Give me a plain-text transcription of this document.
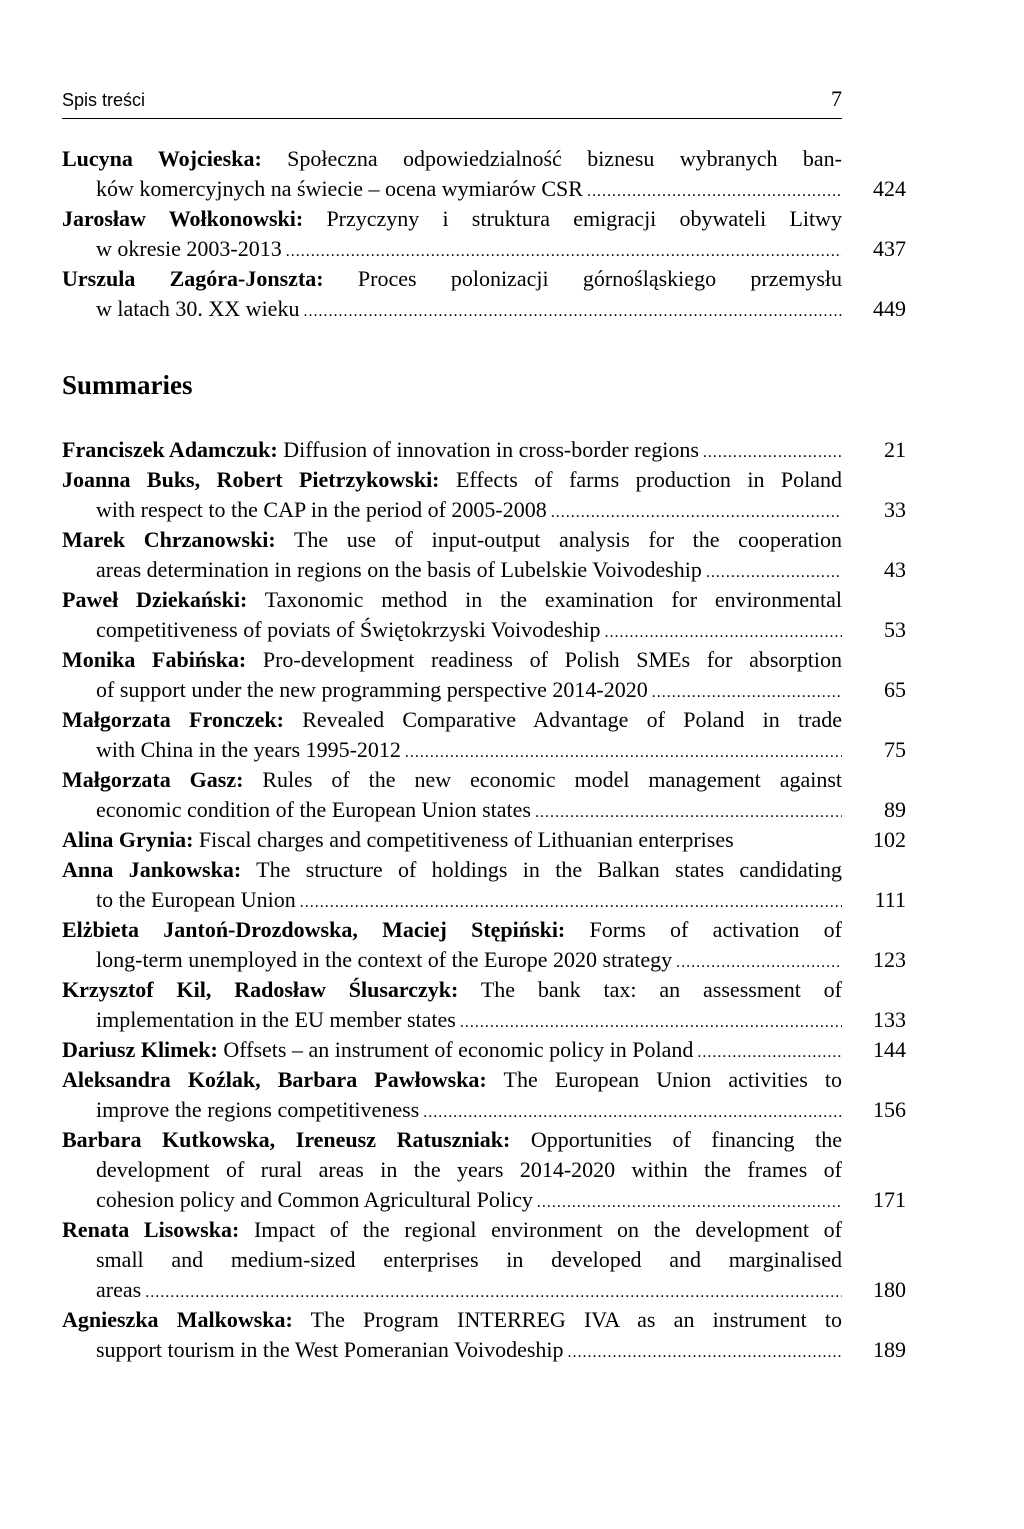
Spis treści	7
Lucyna Wojcieska: Społeczna odpowiedzialność biznesu wybranych ban-
ków komercyjnych na świecie – ocena wymiarów CSR .....	424
Jarosław Wołkonowski: Przyczyny i struktura emigracji obywateli Litwy
w okresie 2003-2013 .....	437
Urszula Zagóra-Jonszta: Proces polonizacji górnośląskiego przemysłu
w latach 30. XX wieku .....	449
Summaries
Franciszek Adamczuk: Diffusion of innovation in cross-border regions .....	21
Joanna Buks, Robert Pietrzykowski: Effects of farms production in Poland
with respect to the CAP in the period of 2005-2008 .....	33
Marek Chrzanowski: The use of input-output analysis for the cooperation
areas determination in regions on the basis of Lubelskie Voivodeship .....	43
Paweł Dziekański: Taxonomic method in the examination for environmental
competitiveness of poviats of Świętokrzyski Voivodeship .....	53
Monika Fabińska: Pro-development readiness of Polish SMEs for absorption
of support under the new programming perspective 2014-2020 .....	65
Małgorzata Fronczek: Revealed Comparative Advantage of Poland in trade
with China in the years 1995-2012 .....	75
Małgorzata Gasz: Rules of the new economic model management against
economic condition of the European Union states .....	89
Alina Grynia: Fiscal charges and competitiveness of Lithuanian enterprises	102
Anna Jankowska: The structure of holdings in the Balkan states candidating
to the European Union .....	111
Elżbieta Jantoń-Drozdowska, Maciej Stępiński: Forms of activation of
long-term unemployed in the context of the Europe 2020 strategy .....	123
Krzysztof Kil, Radosław Ślusarczyk: The bank tax: an assessment of
implementation in the EU member states .....	133
Dariusz Klimek: Offsets – an instrument of economic policy in Poland .....	144
Aleksandra Koźlak, Barbara Pawłowska: The European Union activities to
improve the regions competitiveness .....	156
Barbara Kutkowska, Ireneusz Ratuszniak: Opportunities of financing the
development of rural areas in the years 2014-2020 within the frames of
cohesion policy and Common Agricultural Policy .....	171
Renata Lisowska: Impact of the regional environment on the development of
small and medium-sized enterprises in developed and marginalised
areas .....	180
Agnieszka Malkowska: The Program INTERREG IVA as an instrument to
support tourism in the West Pomeranian Voivodeship .....	189
